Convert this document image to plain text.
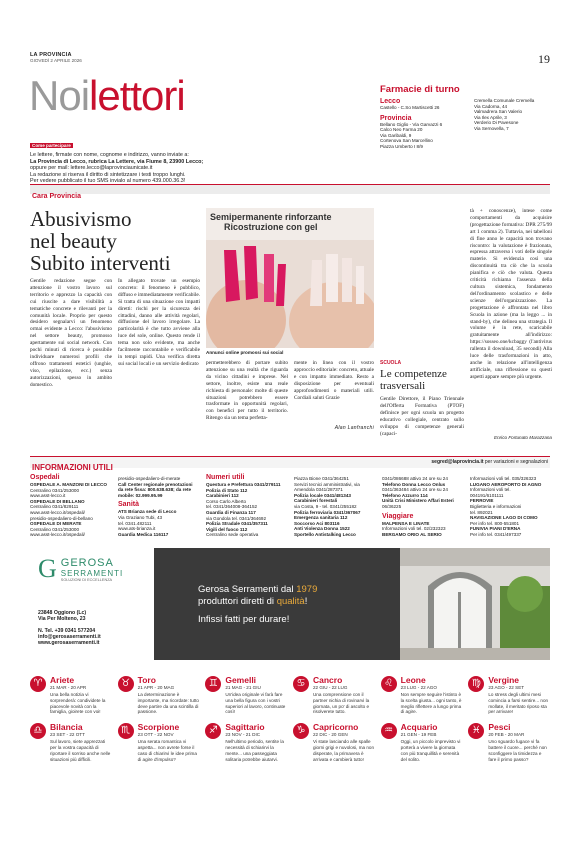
LA PROVINCIA
GIOVEDÌ 2 APRILE 2026	19
Noilettori
Come partecipare
Le lettere, firmate con nome, cognome e indirizzo, vanno inviate a:
La Provincia di Lecco, rubrica La Lettere, via Fiume 8, 23900 Lecco;
oppure per mail: lettere.lecco@laprovinciaunicate.it
La redazione si riserva il diritto di sintetizzare i testi troppo lunghi.
Per vedere pubblicato il tuo SMS invialo al numero 439.000.36.3!
Farmacie di turno
Lecco
Castello - C.So Martiscetti 26
Provincia
Bellano Giglio - Via Garvazzi 6
Calco Neo Farma 20
Via Garibaldi, 9
Cortenova San Marcellino
Piazza Umberto I 8/9
Cremella Comunale Cremella
Via Cadorna, 44
Valmadrera San Valerio
Via Ilex Aprile, 3
Verderio Di Pavesone
Via Sernovella, 7
Cara Provincia
Abusivismo
nel beauty
Subito interventi
Semipermanente rinforzante
Ricostruzione con gel
Annunci online promossi sui social
Gentile redazione segue con attenzione il vostro lavoro sul territorio e apprezzo la capacità con cui riuscite a dare visibilità a tematiche concrete e rilevanti per la comunità locale. Proprio per questo desidero segnalarvi un fenomeno ormai evidente a Lecco: l'abusivismo nel settore beauty, promosso apertamente sui social network. Con pochi minuti di ricerca è possibile individuare numerosi profili che offrono trattamenti estetici (unghie, viso, epilazione, ecc.) senza autorizzazioni, spesso in ambito domestico.
In allegato trovate un esempio concreto: il fenomeno è pubblico, diffuso e immediatamente verificabile. Si tratta di una situazione con impatti diretti: rischi per la sicurezza dei cittadini, danno alle attività regolari, diffusione del lavoro irregolare. La particolarità è che tutto avviene alla luce del sole, online. Questo rende il tema non solo evidente, ma anche facilmente raccontabile e verificabile in tempi rapidi. Una verifica diretta sui social locali e un servizio dedicato permetterebbero di portare subito attenzione su una realtà che riguarda da vicino cittadini e imprese. Nel settore, inoltre, esiste una reale richiesta di personale: molte di queste situazioni potrebbero essere trasformate in opportunità regolari, con benefici per tutto il territorio. Ritengo sia un tema perfetta-
mente in linea con il vostro approccio editoriale: concreto, attuale e con impatto immediato. Resto a disposizione per eventuali approfondimenti o materiali utili. Cordiali saluti Grazie
Alan Lanfranchi
SCUOLA
Le competenze
trasversali
Gentile Direttore, il Piano Triennale dell'Offerta Formativa (PTOF) definisce per ogni scuola un progetto educativo collegiale, centrato sullo sviluppo di competenze generali (capaci-
tà + conoscenze), intese come comportamenti da acquisire (progettazione formativa: DPR 275/99 art 1 comma 2). Tuttavia, nei tabelloni di fine anno le capacità non trovano riscontro: la valutazione è frazionata, espressa attraverso i voti delle singole materie. Si evidenzia così una discontinuità tra ciò che la scuola pianifica e ciò che valuta. Questa criticità richiama l'assenza della cultura sistemica, fondamento dell'ordinamento scolastico e delle scienze dell'organizzazione. La progettazione è affrontata nel libro Scuola in azione (ma la leggo ... in stand-by), che delinea una strategia. Il volume è in rete, scaricabile gratuitamente all'indirizzo: https://sosseo.one/kcbaggy (l'antivirus rallenta il download, 35 secondi) Alla luce delle trasformazioni in atto, anche in relazione all'intelligenza artificiale, una riflessione su questi aspetti appare sempre più urgente.
Enrico Fortunato Marazzana
INFORMAZIONI UTILI
segred@laprovincia.it per variazioni e segnalazioni
Ospedali
OSPEDALE A. MANZONI DI LECCO
Centralino 0341/253000
www.asst-lecco.it
OSPEDALE DI BELLANO
Centralino 0341/829111
www.asst-lecco.it/ospedali/
presidio-ospedaliero-di-bellano
OSPEDALE DI MERATE
Centralino 0341/253000
www.asst-lecco.it/ospedali/
presidio-ospedaliero-di-merate
Call Center regionale prenotazioni
da rete fissa: 800.638.638; da rete
mobile: 02.999.95.99
Sanità
ATS Brianza sede di Lecco
Via Graziano Tubi, 43
tel. 0341.482111
www.ats-brianza.it
Guardia Medica 116117
Numeri utili
Questura e Prefettura 0341/279111
Polizia di Stato 112
Carabinieri 112
Corso Carlo Alberto
tel. 0341/364008-364152
Guardia di Finanza 117
via Gondola tel. 0341/364692
Polizia Stradale 0341/357311
Vigili del fuoco 112
Centralino sede operativa
Piazza Bione 0341/364251
Servizi tecnici amministrativi, via
Amendola 0341/287371
Polizia locale 0341/481343
Carabinieri forestali
via Costa, 9 - tel. 0341/255182
Polizia ferroviaria 0341/367067
Emergenza sanitaria 112
Soccorso Aci 803116
Anti Violenza Donna 1522
Sportello Antistalking Lecco
0341/086688 attivo 24 ore su 24
Telefono Donna Lecco Onlus
0341/363484 attivo 24 ore su 24
Telefono Azzurro 114
Unità Crisi Ministero Affari Esteri
06/36225
Viaggiare
MALPENSA E LINATE
Informazioni voli tel. 02/232323
BERGAMO ORIO AL SERIO
Informazioni voli tel. 035/326323
LUGANO AEROPORTO DI AGNO
Informazioni voli tel.
004191/6101111
FERROVIE
Biglietteria e informazioni
tel. 892021
NAVIGAZIONE LAGO DI COMO
Per info tel. 800-551801
FUNIVIA PIANI D'ERNA
Per info tel. 0341/497337
G GEROSA
SERRAMENTI
SOLUZIONI DI ECCELLENZA
23848 Oggiono (Lc)
Via Per Molteno, 23
N. Tel. +39 0341 577204
info@gerosaserramenti.it
www.gerosaserramenti.it
Gerosa Serramenti dal 1979
produttori diretti di qualità!
Infissi fatti per durare!
♈ Ariete
21 MAR - 20 APR
Una bella notizia vi sorprenderà: condividete la piacevole novità con la famiglia, gioirete con voi!
♉ Toro
21 APR - 20 MAG
La determinazione è importante, ma ricordate: tutto deve partire da una scintilla di passione.
♊ Gemelli
21 MAG - 21 GIU
Un'idea originale vi farà fare una bella figura con i vostri superiori al lavoro, continuate così!
♋ Cancro
22 GIU - 22 LUG
Una comprensione con il partner nichia di rovinarvi la giornata, un po' di ascolto e risolverete tutto.
♌ Leone
23 LUG - 22 AGO
Non sempre seguire l'istinto è la scelta giusta... ogni tanto, è meglio riflettere a lungo prima di agire.
♍ Vergine
23 AGO - 22 SET
Lo stress degli ultimi mesi comincia a farsi sentire... non mollate, il meritato riposo sta per arrivare!
♎ Bilancia
23 SET - 22 OTT
Sul lavoro, siete apprezzati per la vostra capacità di riportare il sorriso anche nelle situazioni più difficili.
♏ Scorpione
23 OTT - 22 NOV
Una serata romantica vi aspetta... non avrete forse il caso di chiarirvi le idee prima di agire d'impulso?
♐ Sagittario
23 NOV - 21 DIC
Nell'ultimo periodo, sentite la necessità di schiarirvi la mente... una passeggiata solitaria potrebbe aiutarvi.
♑ Capricorno
22 DIC - 20 GEN
Vi state lasciando alle spalle giorni grigi e nuvolosi, ma non disperate, la primavera è arrivata e cambierà tutto!
♒ Acquario
21 GEN - 19 FEB
Oggi, un piccolo imprevisto vi porterà a vivere la giornata con più tranquillità e serenità del solito.
♓ Pesci
20 FEB - 20 MAR
Uno sguardo fugace vi fa battere il cuore... perché non sconfiggere la timidezza e fare il primo passo?
